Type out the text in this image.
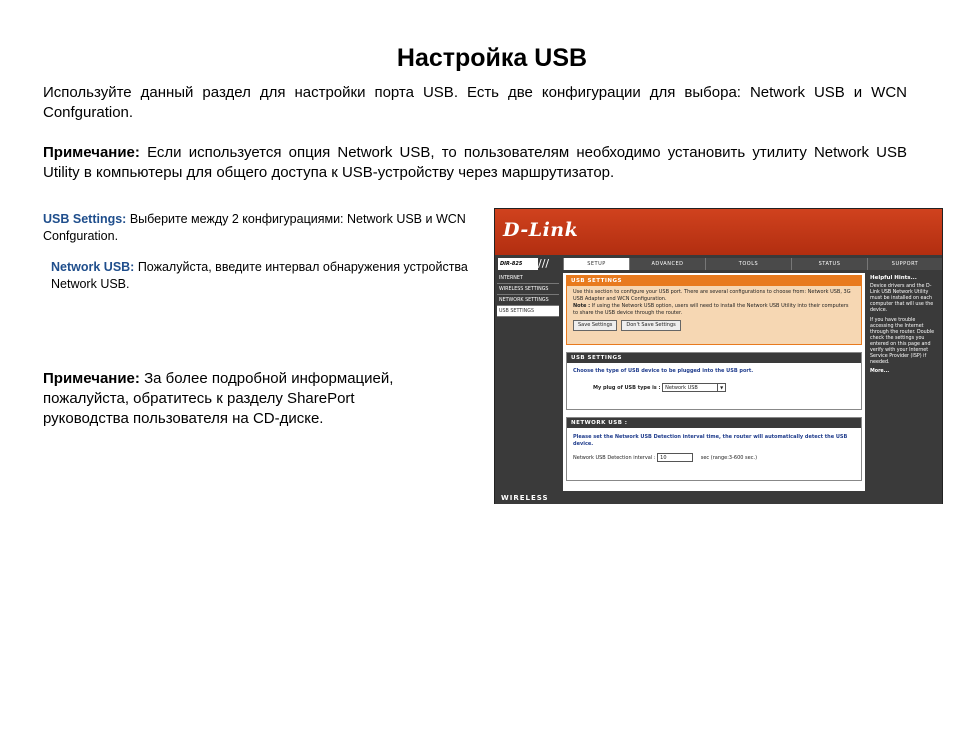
Настройка USB

Используйте данный раздел для настройки порта USB. Есть две конфигурации для выбора: Network USB и WCN Confguration.

Примечание: Если используется опция Network USB, то пользователям необходимо установить утилиту Network USB Utility в компьютеры для общего доступа к USB-устройству через маршрутизатор.

USB Settings: Выберите между 2 конфигурациями: Network USB и WCN Confguration.

Network USB: Пожалуйста, введите интервал обнаружения устройства Network USB.

Примечание: За более подробной информацией, пожалуйста, обратитесь к разделу SharePort руководства пользователя на CD-диске.

D-Link
DIR-825	///	SETUP	ADVANCED	TOOLS	STATUS	SUPPORT
INTERNET
WIRELESS SETTINGS
NETWORK SETTINGS
USB SETTINGS
USB SETTINGS
Use this section to configure your USB port. There are several configurations to choose from: Network USB, 3G USB Adapter and WCN Configuration.
Note : If using the Network USB option, users will need to install the Network USB Utility into their computers to share the USB device through the router.
Save Settings	Don't Save Settings
USB SETTINGS
Choose the type of USB device to be plugged into the USB port.
My plug of USB type is : Network USB	▼
NETWORK USB :
Please set the Network USB Detection interval time, the router will automatically detect the USB device.
Network USB Detection interval : 10	sec (range:3-600 sec.)
Helpful Hints...
Device drivers and the D-Link USB Network Utility must be installed on each computer that will use the device.
If you have trouble accessing the Internet through the router. Double check the settings you entered on this page and verify with your Internet Service Provider (ISP) if needed.
More...
WIRELESS
